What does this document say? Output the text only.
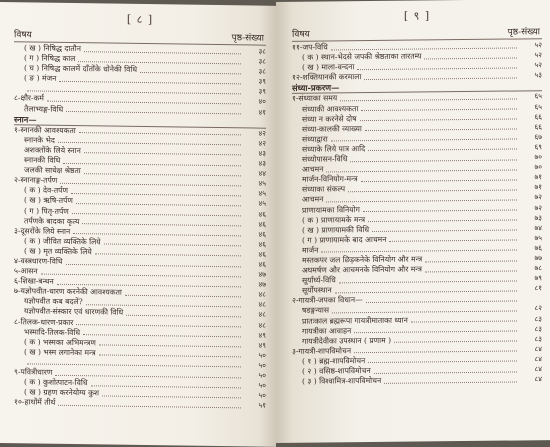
[ ८ ]
विषय	पृष्ठ-संख्या
( ख ) निषिद्ध दातौन	३८
( ग ) निषिद्ध काल	३८
( घ ) निषिद्ध कालमें दाँतोंके धोनेकी विधि	३८
( ङ ) मंजन	३९
३९
८-क्षौर-कर्म	४०
तैलाभ्यङ्ग-विधि	४१
स्नान—
१-स्नानकी आवश्यकता	४२
स्नानके भेद	४२
अशक्तोंके लिये स्नान	४३
स्नानकी विधि	४३
जलकी साधेक्ष श्रेष्ठता	४४
२-स्नानाङ्ग-तर्पण	४५
( क ) देव-तर्पण	४५
( ख ) ऋषि-तर्पण	४५
( ग ) पितृ-तर्पण	४६
तर्पणके बादका कृत्य	४६
३-दूसरोंके लिये स्नान	४६
( क ) जीवित व्यक्तिके लिये	४६
( ख ) मृत व्यक्तिके लिये	४६
४-वस्त्रधारण-विधि	४६
५-आसन	४७
६-शिखा-बन्धन	४७
७-यज्ञोपवीत-धारण करनेकी आवश्यकता	४८
यज्ञोपवीत कब बदलें?	४८
यज्ञोपवीत-संस्कार एवं धारणकी विधि	४८
८-तिलक-धारण-प्रकार	४८
भस्मादि-तिलक-विधि	४९
( क ) भस्मका अभिमन्त्रण	४९
( ख ) भस्म लगानेका मन्त्र	५०
५०
९-पवित्रीधारण	५०
( क ) कुशोत्पाटन-विधि	५०
( ख ) ग्रहण करनेयोग्य कुश	५०
१०-हाथोंमें तीर्थ	५१
[ ९ ]
विषय	पृष्ठ-संख्या
११-जप-विधि	५२
( क ) स्थान-भेदसे जपकी श्रेष्ठताका तारतम्य	५२
( ख ) माला-वन्दना	५२
१२-शक्तियानकी करमाला	५३
संध्या-प्रकरण—
१-संध्याका समय	६५
संध्याकी आवश्यकता	६५
संध्या न करनेसे दोष	६६
संध्या-कालकी व्याख्या	६६
संध्याद्वारा	६७
संध्याके लिये पात्र आदि	६९
संध्योपासन-विधि	७०
आचमन	७०
मार्जन-विनियोग-मन्त्र	७१
संध्याका संकल्प	७१
आचमन	७२
प्राणायामका विनियोग	७२
( क ) प्राणायामके मन्त्र	७३
( ख ) प्राणायामकी विधि	७४
( ग ) प्राणायामके बाद आचमन	७५
मार्जन	७६
मस्तकपर जल छिड़कनेके विनियोग और मन्त्र	७७
अघमर्षण और आचमनके विनियोग और मन्त्र	७८
सूर्यार्घ्य-विधि	७९
सूर्योपस्थान	८१
२-गायत्री-जपका विधान—
षडङ्गन्यास	८२
प्रातःकाल ब्रह्मरूपा गायत्रीमाताका ध्यान	८३
गायत्रीका आवाहन	८३
गायत्रीदेवीका उपस्थान ( प्रणाम )	८३
३-गायत्री-शापविमोचन	८४
( १ ) ब्रह्म-शापविमोचन	८४
( २ ) वसिष्ठ-शापविमोचन	८४
( ३ ) विश्वामित्र-शापविमोचन	८४
